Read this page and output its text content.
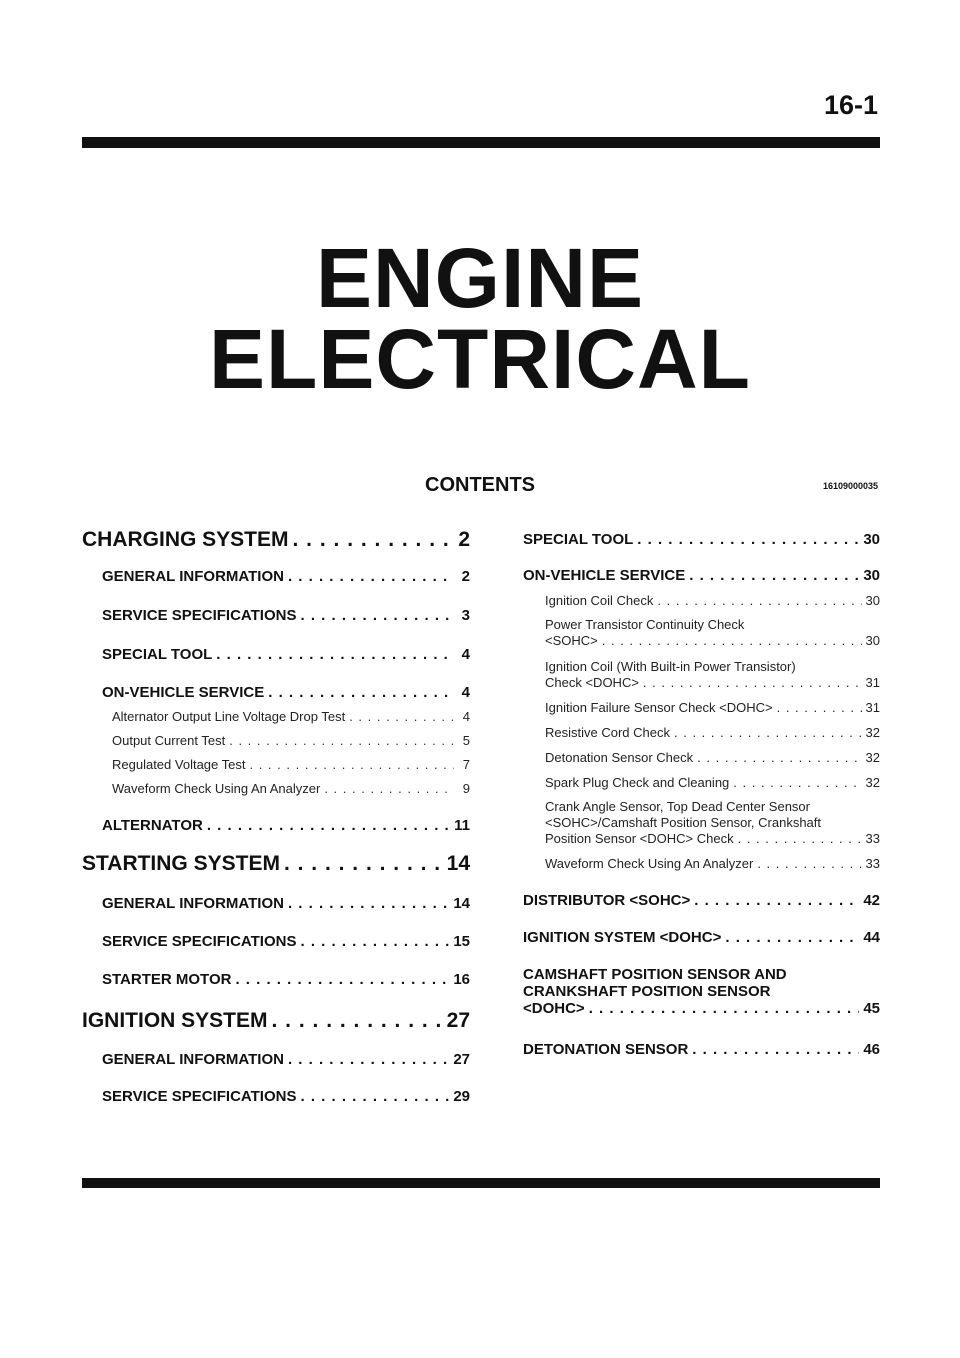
16-1
ENGINE
ELECTRICAL
CONTENTS	16109000035
CHARGING SYSTEM . . .	2
GENERAL INFORMATION . . .	2
SERVICE SPECIFICATIONS . . .	3
SPECIAL TOOL . . .	4
ON-VEHICLE SERVICE . . .	4
Alternator Output Line Voltage Drop Test . . .	4
Output Current Test . . .	5
Regulated Voltage Test . . .	7
Waveform Check Using An Analyzer . . .	9
ALTERNATOR . . .	11
STARTING SYSTEM . . .	14
GENERAL INFORMATION . . .	14
SERVICE SPECIFICATIONS . . .	15
STARTER MOTOR . . .	16
IGNITION SYSTEM . . .	27
GENERAL INFORMATION . . .	27
SERVICE SPECIFICATIONS . . .	29
SPECIAL TOOL . . .	30
ON-VEHICLE SERVICE . . .	30
Ignition Coil Check . . .	30
Power Transistor Continuity Check
<SOHC> . . .	30
Ignition Coil (With Built-in Power Transistor)
Check <DOHC> . . .	31
Ignition Failure Sensor Check <DOHC> . . .	31
Resistive Cord Check . . .	32
Detonation Sensor Check . . .	32
Spark Plug Check and Cleaning . . .	32
Crank Angle Sensor, Top Dead Center Sensor
<SOHC>/Camshaft Position Sensor, Crankshaft
Position Sensor <DOHC> Check . . .	33
Waveform Check Using An Analyzer . . .	33
DISTRIBUTOR <SOHC> . . .	42
IGNITION SYSTEM <DOHC> . . .	44
CAMSHAFT POSITION SENSOR AND
CRANKSHAFT POSITION SENSOR
<DOHC> . . .	45
DETONATION SENSOR . . .	46
